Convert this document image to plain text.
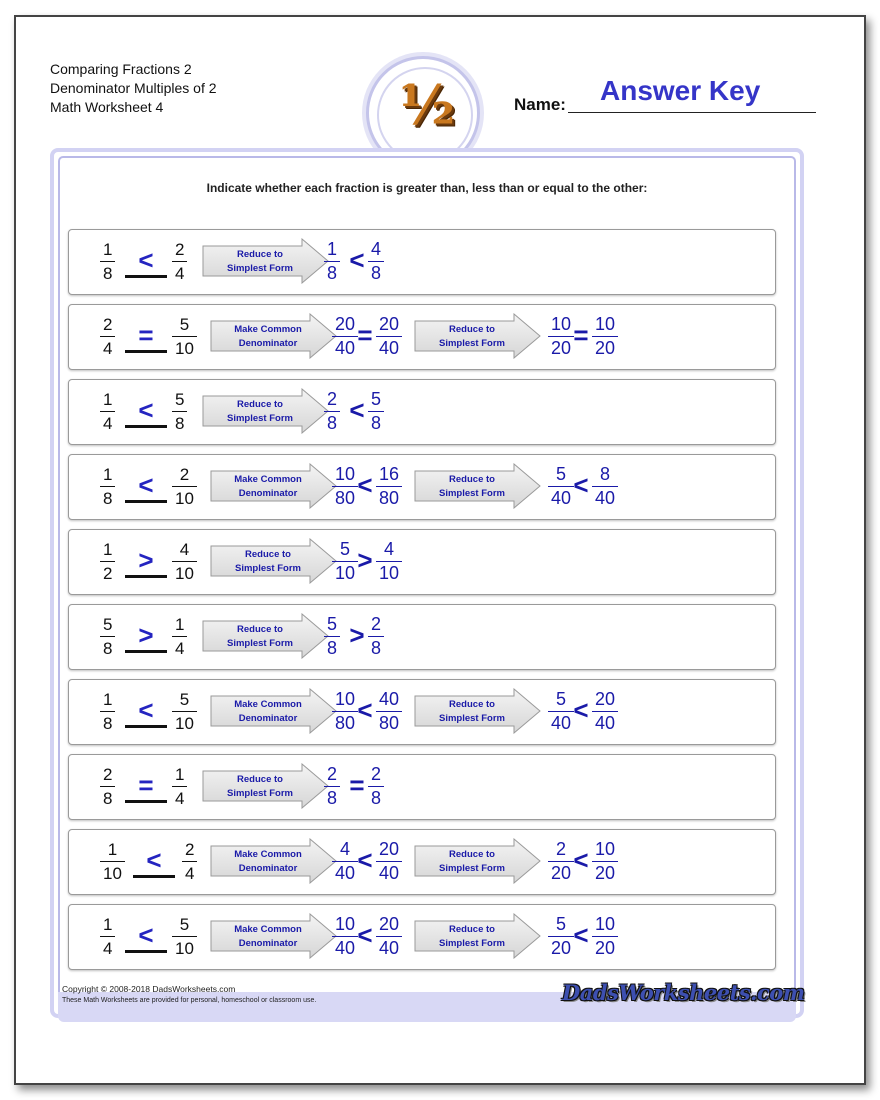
Comparing Fractions 2
Denominator Multiples of 2
Math Worksheet 4	½	Name: Answer Key
Indicate whether each fraction is greater than, less than or equal to the other:
1
8 <	2
4
Reduce to
Simplest Form
1
8 < 4
8
2
4 =	5
10
Make Common
Denominator
20
40 = 20
40
Reduce to
Simplest Form
10
20 = 10
20
1
4 <	5
8
Reduce to
Simplest Form
2
8 < 5
8
1
8 <	2
10
Make Common
Denominator
10
80 < 16
80
Reduce to
Simplest Form
5
40 < 8
40
1
2 >	4
10
Reduce to
Simplest Form
5
10 > 4
10
5
8 >	1
4
Reduce to
Simplest Form
5
8 > 2
8
1
8 <	5
10
Make Common
Denominator
10
80 < 40
80
Reduce to
Simplest Form
5
40 < 20
40
2
8 =	1
4
Reduce to
Simplest Form
2
8 = 2
8
1
10 <	2
4
Make Common
Denominator
4
40 < 20
40
Reduce to
Simplest Form
2
20 < 10
20
1
4 <	5
10
Make Common
Denominator
10
40 < 20
40
Reduce to
Simplest Form
5
20 < 10
20
Copyright © 2008-2018 DadsWorksheets.com
These Math Worksheets are provided for personal, homeschool or classroom use.	DadsWorksheets.com
